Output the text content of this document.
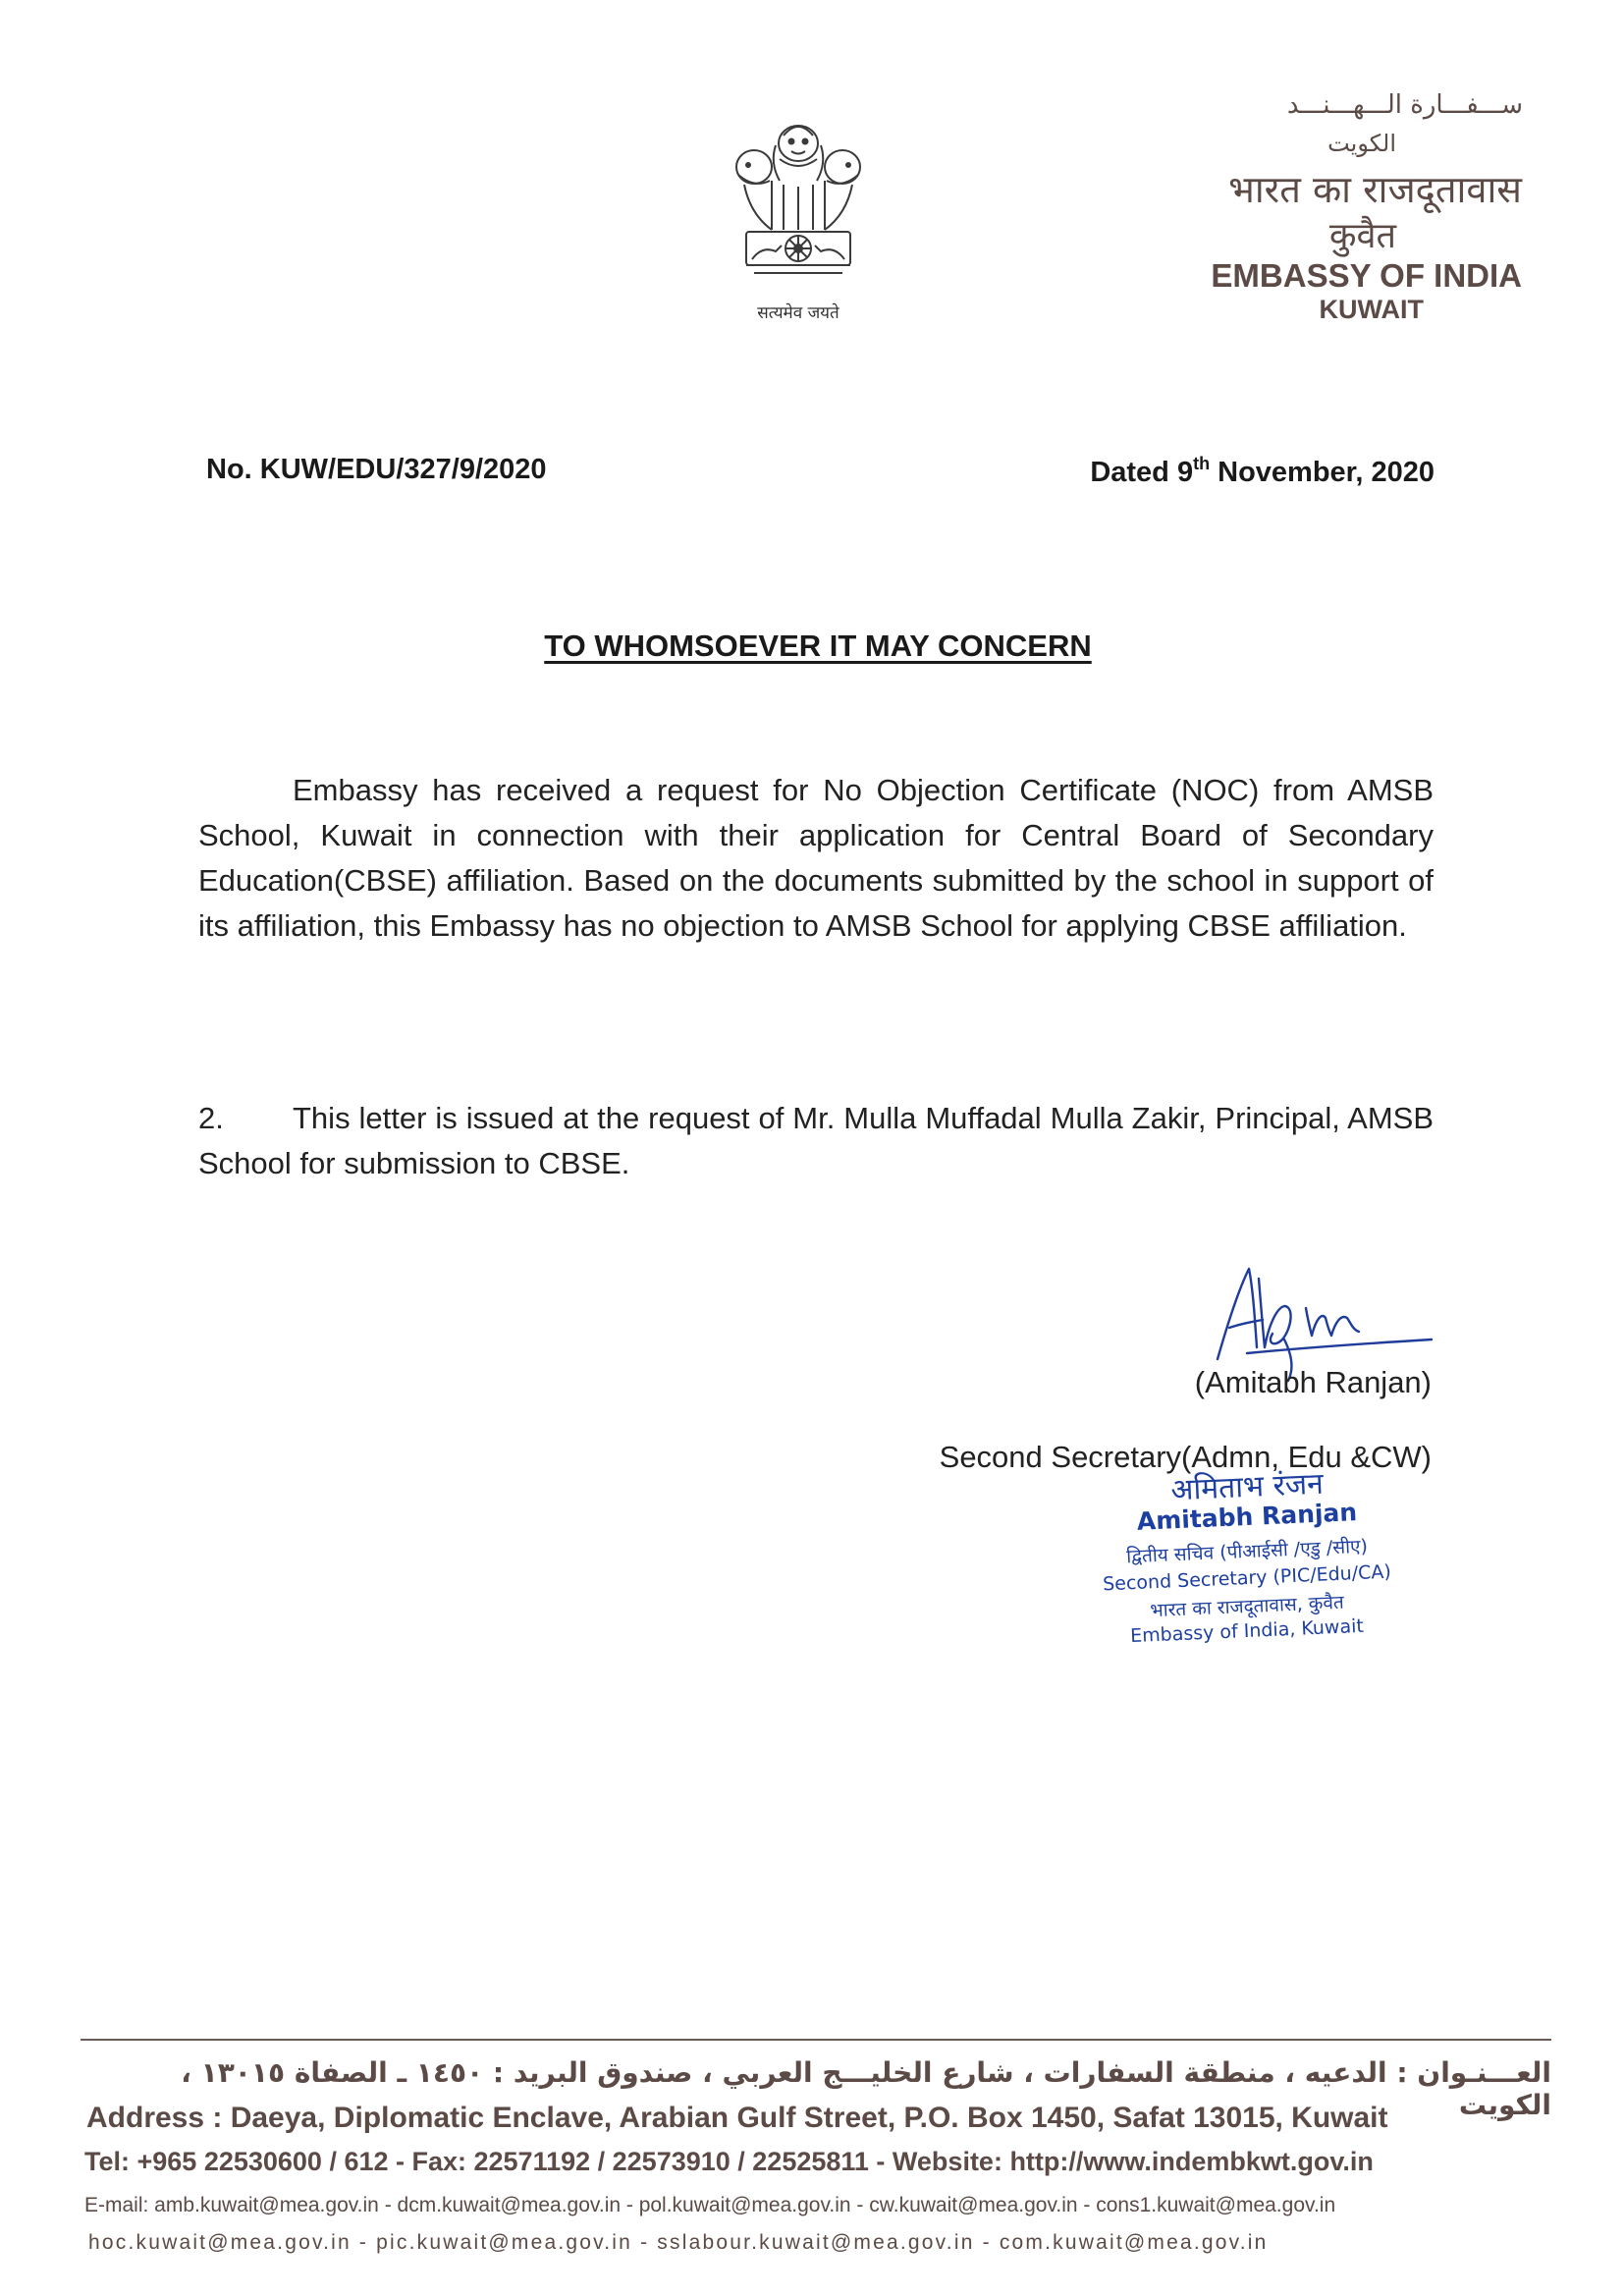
सत्यमेव जयते
ســـفـــارة الـــهـــنـــد
الكويت
भारत का राजदूतावास
कुवैत
EMBASSY OF INDIA
KUWAIT
No. KUW/EDU/327/9/2020	Dated 9th November, 2020
TO WHOMSOEVER IT MAY CONCERN
Embassy has received a request for No Objection Certificate (NOC) from AMSB School, Kuwait in connection with their application for Central Board of Secondary Education(CBSE) affiliation. Based on the documents submitted by the school in support of its affiliation, this Embassy has no objection to AMSB School for applying CBSE affiliation.
2. This letter is issued at the request of Mr. Mulla Muffadal Mulla Zakir, Principal, AMSB School for submission to CBSE.
(Amitabh Ranjan)
Second Secretary(Admn, Edu &CW)
अमिताभ रंजन
Amitabh Ranjan
द्वितीय सचिव (पीआईसी /एडु /सीए)
Second Secretary (PIC/Edu/CA)
भारत का राजदूतावास, कुवैत
Embassy of India, Kuwait
العـــنـوان : الدعيه ، منطقة السفارات ، شارع الخليـــج العربي ، صندوق البريد : ١٤٥٠ ـ الصفاة ١٣٠١٥ ، الكويت
Address : Daeya, Diplomatic Enclave, Arabian Gulf Street, P.O. Box 1450, Safat 13015, Kuwait
Tel: +965 22530600 / 612 - Fax: 22571192 / 22573910 / 22525811 - Website: http://www.indembkwt.gov.in
E-mail: amb.kuwait@mea.gov.in - dcm.kuwait@mea.gov.in - pol.kuwait@mea.gov.in - cw.kuwait@mea.gov.in - cons1.kuwait@mea.gov.in
hoc.kuwait@mea.gov.in - pic.kuwait@mea.gov.in - sslabour.kuwait@mea.gov.in - com.kuwait@mea.gov.in
